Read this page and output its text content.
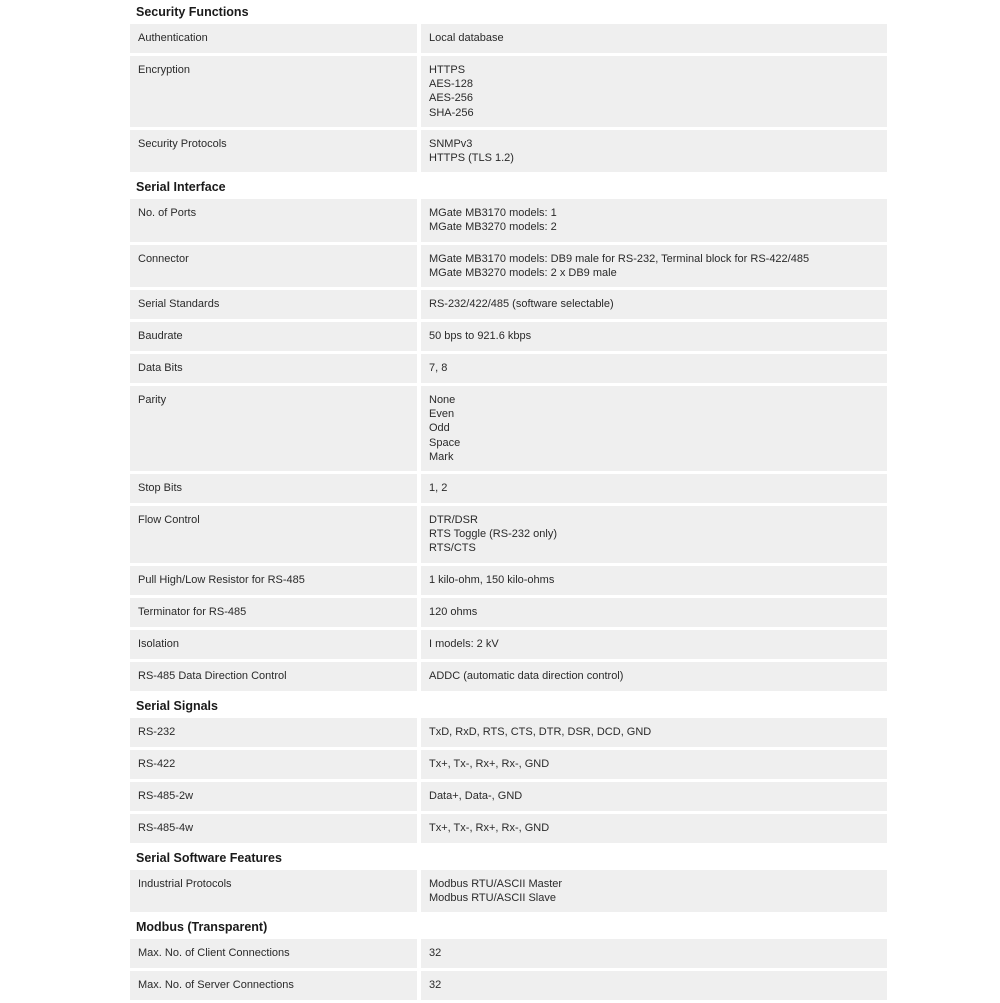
Security Functions
Authentication	Local database
Encryption	HTTPS
AES-128
AES-256
SHA-256
Security Protocols	SNMPv3
HTTPS (TLS 1.2)
Serial Interface
No. of Ports	MGate MB3170 models: 1
MGate MB3270 models: 2
Connector	MGate MB3170 models: DB9 male for RS-232, Terminal block for RS-422/485
MGate MB3270 models: 2 x DB9 male
Serial Standards	RS-232/422/485 (software selectable)
Baudrate	50 bps to 921.6 kbps
Data Bits	7, 8
Parity	None
Even
Odd
Space
Mark
Stop Bits	1, 2
Flow Control	DTR/DSR
RTS Toggle (RS-232 only)
RTS/CTS
Pull High/Low Resistor for RS-485	1 kilo-ohm, 150 kilo-ohms
Terminator for RS-485	120 ohms
Isolation	I models: 2 kV
RS-485 Data Direction Control	ADDC (automatic data direction control)
Serial Signals
RS-232	TxD, RxD, RTS, CTS, DTR, DSR, DCD, GND
RS-422	Tx+, Tx-, Rx+, Rx-, GND
RS-485-2w	Data+, Data-, GND
RS-485-4w	Tx+, Tx-, Rx+, Rx-, GND
Serial Software Features
Industrial Protocols	Modbus RTU/ASCII Master
Modbus RTU/ASCII Slave
Modbus (Transparent)
Max. No. of Client Connections	32
Max. No. of Server Connections	32
